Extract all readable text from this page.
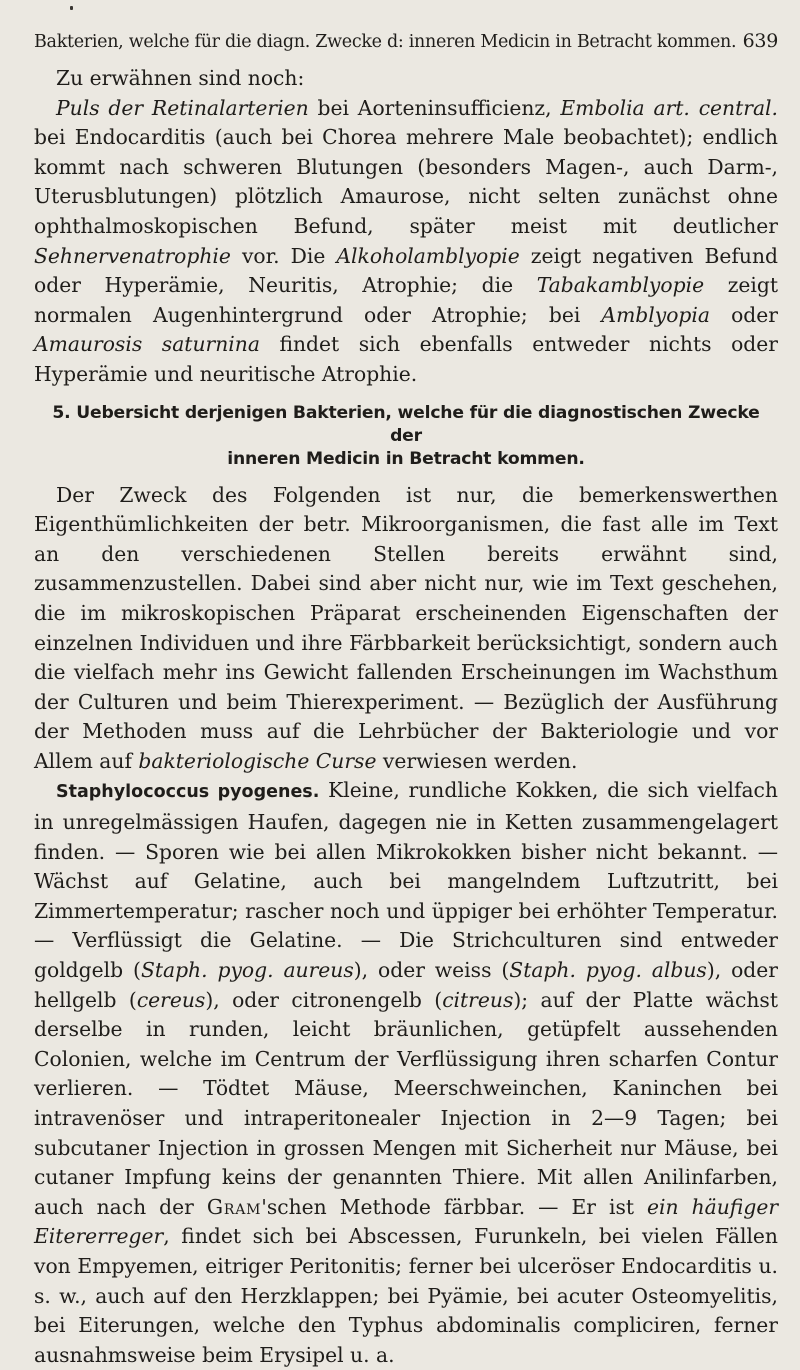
Bakterien, welche für die diagn. Zwecke d: inneren Medicin in Betracht kommen. 639

Zu erwähnen sind noch:

Puls der Retinalarterien bei Aorteninsufficienz, Embolia art. central. bei Endocarditis (auch bei Chorea mehrere Male beobachtet); endlich kommt nach schweren Blutungen (besonders Magen-, auch Darm-, Uterusblutungen) plötzlich Amaurose, nicht selten zunächst ohne ophthalmoskopischen Befund, später meist mit deutlicher Sehnervenatrophie vor. Die Alkoholamblyopie zeigt negativen Befund oder Hyperämie, Neuritis, Atrophie; die Tabakamblyopie zeigt normalen Augenhintergrund oder Atrophie; bei Amblyopia oder Amaurosis saturnina findet sich ebenfalls entweder nichts oder Hyperämie und neuritische Atrophie.

5. Uebersicht derjenigen Bakterien, welche für die diagnostischen Zwecke der
inneren Medicin in Betracht kommen.

Der Zweck des Folgenden ist nur, die bemerkenswerthen Eigenthümlichkeiten der betr. Mikroorganismen, die fast alle im Text an den verschiedenen Stellen bereits erwähnt sind, zusammenzustellen. Dabei sind aber nicht nur, wie im Text geschehen, die im mikroskopischen Präparat erscheinenden Eigenschaften der einzelnen Individuen und ihre Färbbarkeit berücksichtigt, sondern auch die vielfach mehr ins Gewicht fallenden Erscheinungen im Wachsthum der Culturen und beim Thierexperiment. — Bezüglich der Ausführung der Methoden muss auf die Lehrbücher der Bakteriologie und vor Allem auf bakteriologische Curse verwiesen werden.

Staphylococcus pyogenes. Kleine, rundliche Kokken, die sich vielfach in unregelmässigen Haufen, dagegen nie in Ketten zusammengelagert finden. — Sporen wie bei allen Mikrokokken bisher nicht bekannt. — Wächst auf Gelatine, auch bei mangelndem Luftzutritt, bei Zimmertemperatur; rascher noch und üppiger bei erhöhter Temperatur. — Verflüssigt die Gelatine. — Die Strichculturen sind entweder goldgelb (Staph. pyog. aureus), oder weiss (Staph. pyog. albus), oder hellgelb (cereus), oder citronengelb (citreus); auf der Platte wächst derselbe in runden, leicht bräunlichen, getüpfelt aussehenden Colonien, welche im Centrum der Verflüssigung ihren scharfen Contur verlieren. — Tödtet Mäuse, Meerschweinchen, Kaninchen bei intravenöser und intraperitonealer Injection in 2—9 Tagen; bei subcutaner Injection in grossen Mengen mit Sicherheit nur Mäuse, bei cutaner Impfung keins der genannten Thiere. Mit allen Anilinfarben, auch nach der Gram'schen Methode färbbar. — Er ist ein häufiger Eitererreger, findet sich bei Abscessen, Furunkeln, bei vielen Fällen von Empyemen, eitriger Peritonitis; ferner bei ulceröser Endocarditis u. s. w., auch auf den Herzklappen; bei Pyämie, bei acuter Osteomyelitis, bei Eiterungen, welche den Typhus abdominalis compliciren, ferner ausnahmsweise beim Erysipel u. a.
